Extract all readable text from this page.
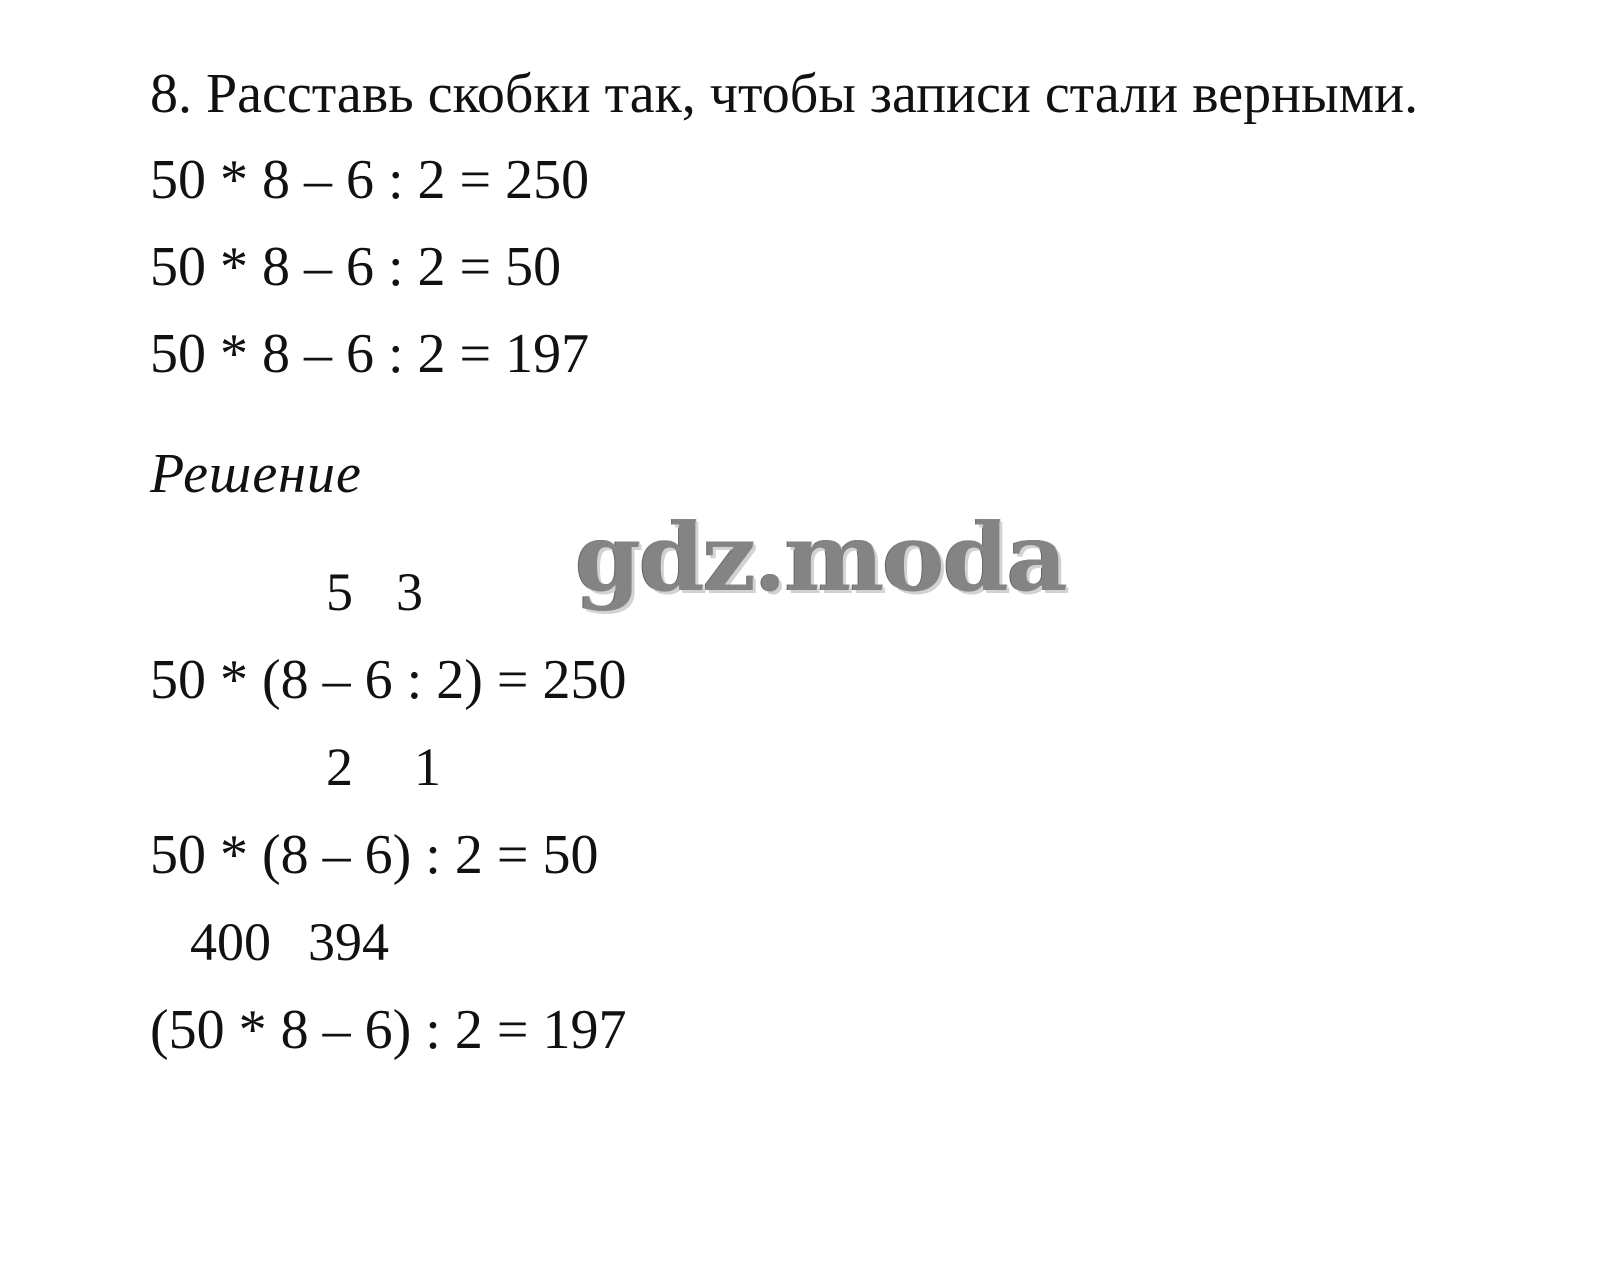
8. Расставь скобки так, чтобы записи стали верными.
50 * 8 – 6 : 2 = 250
50 * 8 – 6 : 2 = 50
50 * 8 – 6 : 2 = 197
Решение
5 3
50 * (8 – 6 : 2) = 250
2 1
50 * (8 – 6) : 2 = 50
400 394
(50 * 8 – 6) : 2 = 197
gdz.moda
